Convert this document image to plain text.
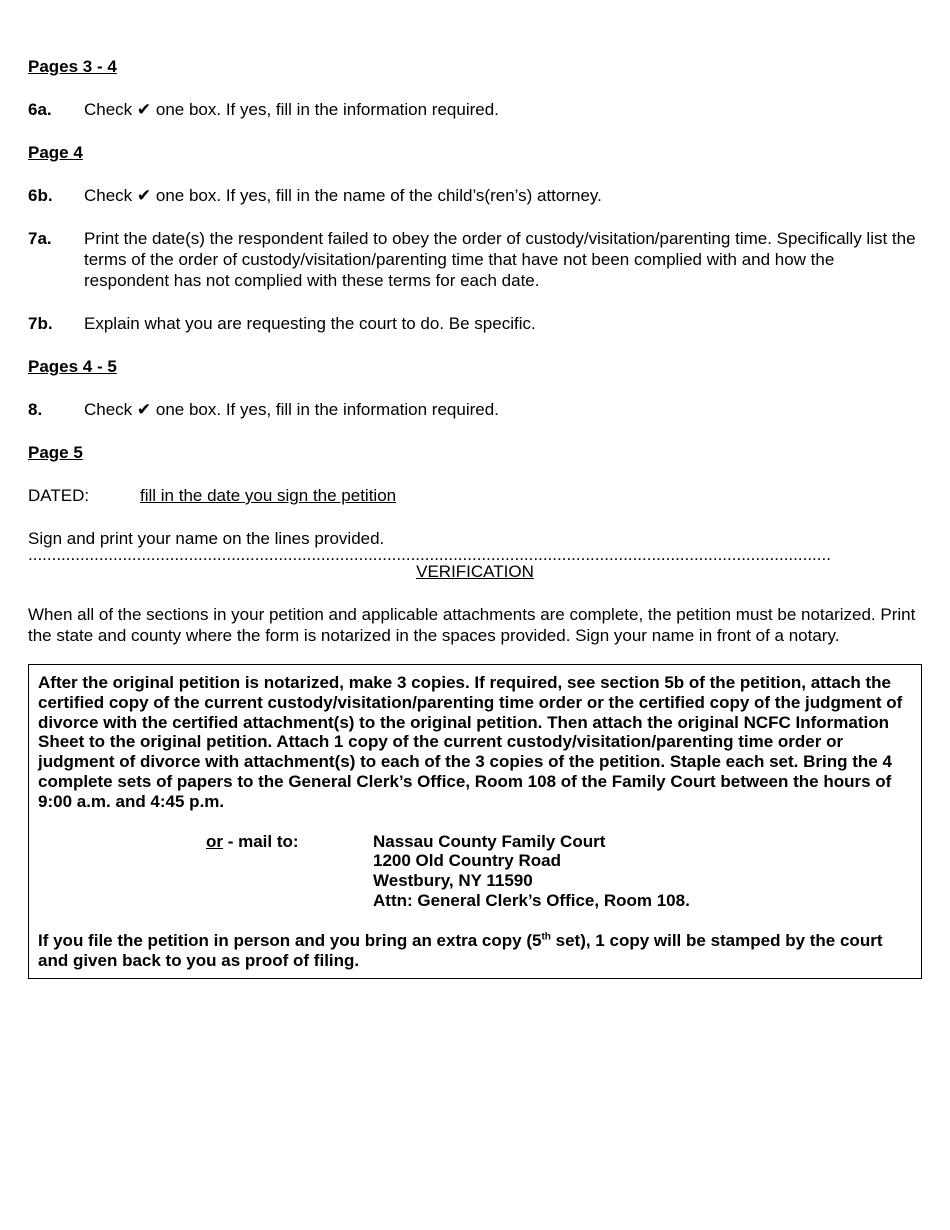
Pages 3 - 4
6a.	Check ✔ one box. If yes, fill in the information required.
Page 4
6b.	Check ✔ one box. If yes, fill in the name of the child’s(ren’s) attorney.
7a.	Print the date(s) the respondent failed to obey the order of custody/visitation/parenting time. Specifically list the terms of the order of custody/visitation/parenting time that have not been complied with and how the respondent has not complied with these terms for each date.
7b.	Explain what you are requesting the court to do. Be specific.
Pages 4 - 5
8.	Check ✔ one box. If yes, fill in the information required.
Page 5
DATED:	fill in the date you sign the petition

Sign and print your name on the lines provided.

..........................................................................................................................................................................
VERIFICATION

When all of the sections in your petition and applicable attachments are complete, the petition must be notarized. Print the state and county where the form is notarized in the spaces provided. Sign your name in front of a notary.

After the original petition is notarized, make 3 copies. If required, see section 5b of the petition, attach the certified copy of the current custody/visitation/parenting time order or the certified copy of the judgment of divorce with the certified attachment(s) to the original petition. Then attach the original NCFC Information Sheet to the original petition. Attach 1 copy of the current custody/visitation/parenting time order or judgment of divorce with attachment(s) to each of the 3 copies of the petition. Staple each set. Bring the 4 complete sets of papers to the General Clerk’s Office, Room 108 of the Family Court between the hours of 9:00 a.m. and 4:45 p.m.
or - mail to:	Nassau County Family Court
1200 Old Country Road
Westbury, NY 11590
Attn: General Clerk’s Office, Room 108.
If you file the petition in person and you bring an extra copy (5th set), 1 copy will be stamped by the court and given back to you as proof of filing.
